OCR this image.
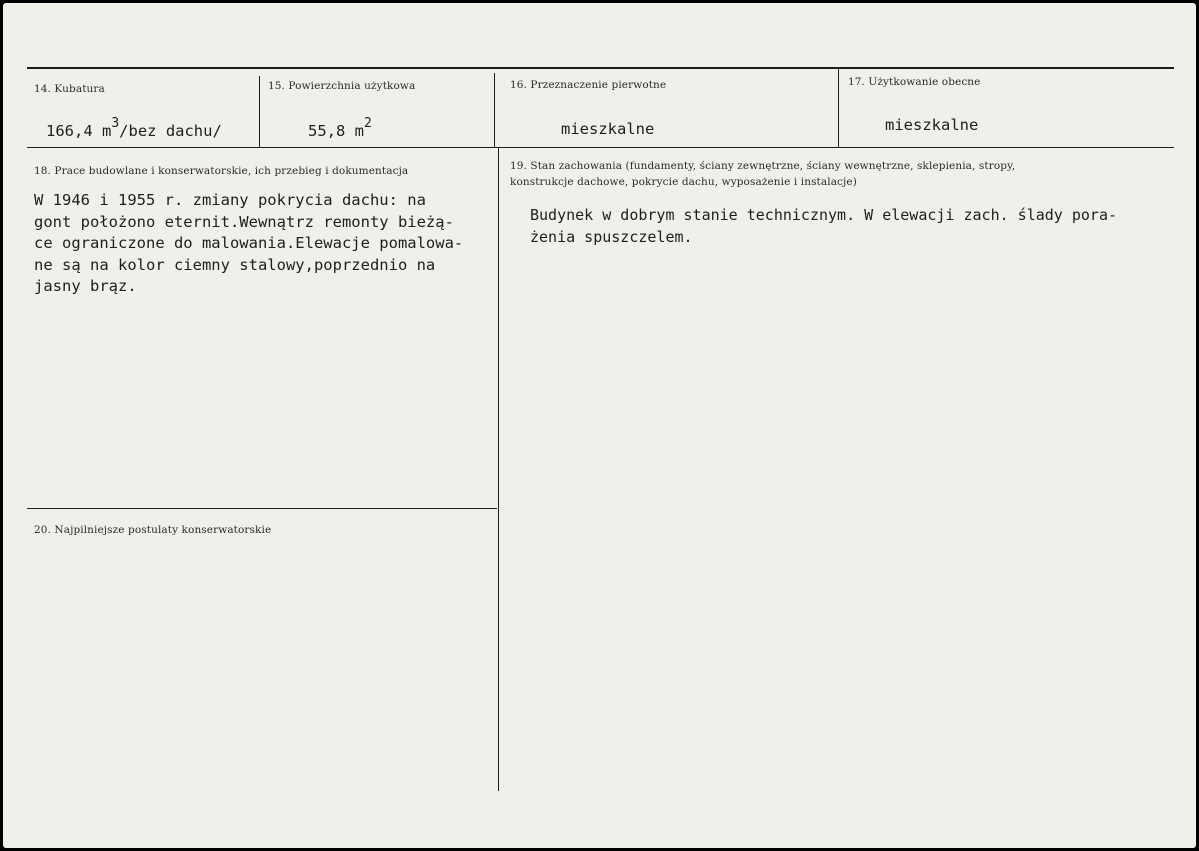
14. Kubatura
166,4 $m^3$/bez dachu/
15. Powierzchnia użytkowa
55,8 $m^2$
16. Przeznaczenie pierwotne
mieszkalne
17. Użytkowanie obecne
mieszkalne
18. Prace budowlane i konserwatorskie, ich przebieg i dokumentacja
W 1946 i 1955 r. zmiany pokrycia dachu: na
gont położono eternit.Wewnątrz remonty bieżą-
ce ograniczone do malowania.Elewacje pomalowa-
ne są na kolor ciemny stalowy,poprzednio na
jasny brąz.
19. Stan zachowania (fundamenty, ściany zewnętrzne, ściany wewnętrzne, sklepienia, stropy,
konstrukcje dachowe, pokrycie dachu, wyposażenie i instalacje)
Budynek w dobrym stanie technicznym. W elewacji zach. ślady pora-
żenia spuszczelem.
20. Najpilniejsze postulaty konserwatorskie
